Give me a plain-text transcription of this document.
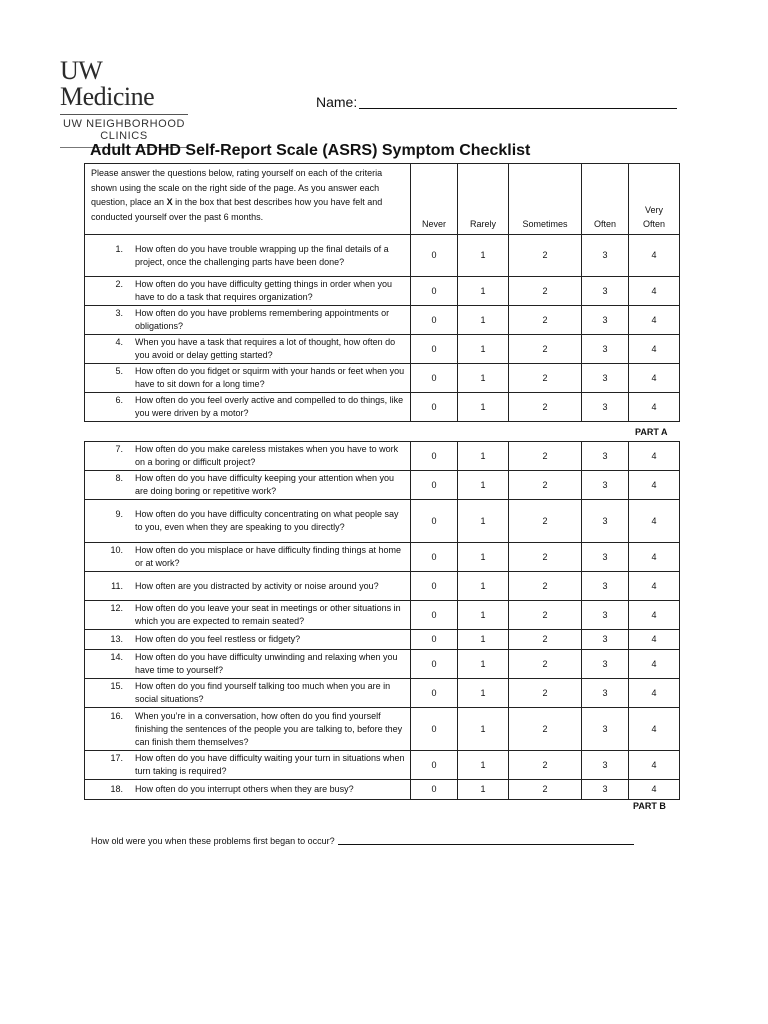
UW Medicine
UW NEIGHBORHOOD
CLINICS
Name:
Adult ADHD Self-Report Scale (ASRS) Symptom Checklist
Please answer the questions below, rating yourself on each of the criteria shown using the scale on the right side of the page. As you answer each question, place an X in the box that best describes how you have felt and conducted yourself over the past 6 months.	Never	Rarely	Sometimes	Often	Very Often

1. How often do you have trouble wrapping up the final details of a project, once the challenging parts have been done?	0	1	2	3	4

2. How often do you have difficulty getting things in order when you have to do a task that requires organization?	0	1	2	3	4

3. How often do you have problems remembering appointments or obligations?	0	1	2	3	4

4. When you have a task that requires a lot of thought, how often do you avoid or delay getting started?	0	1	2	3	4

5. How often do you fidget or squirm with your hands or feet when you have to sit down for a long time?	0	1	2	3	4

6. How often do you feel overly active and compelled to do things, like you were driven by a motor?	0	1	2	3	4
PART A
7. How often do you make careless mistakes when you have to work on a boring or difficult project?	0	1	2	3	4

8. How often do you have difficulty keeping your attention when you are doing boring or repetitive work?	0	1	2	3	4

9. How often do you have difficulty concentrating on what people say to you, even when they are speaking to you directly?	0	1	2	3	4

10. How often do you misplace or have difficulty finding things at home or at work?	0	1	2	3	4

11. How often are you distracted by activity or noise around you?	0	1	2	3	4

12. How often do you leave your seat in meetings or other situations in which you are expected to remain seated?	0	1	2	3	4

13. How often do you feel restless or fidgety?	0	1	2	3	4

14. How often do you have difficulty unwinding and relaxing when you have time to yourself?	0	1	2	3	4

15. How often do you find yourself talking too much when you are in social situations?	0	1	2	3	4

16. When you’re in a conversation, how often do you find yourself finishing the sentences of the people you are talking to, before they can finish them themselves?	0	1	2	3	4

17. How often do you have difficulty waiting your turn in situations when turn taking is required?	0	1	2	3	4

18. How often do you interrupt others when they are busy?	0	1	2	3	4
PART B
How old were you when these problems first began to occur?
